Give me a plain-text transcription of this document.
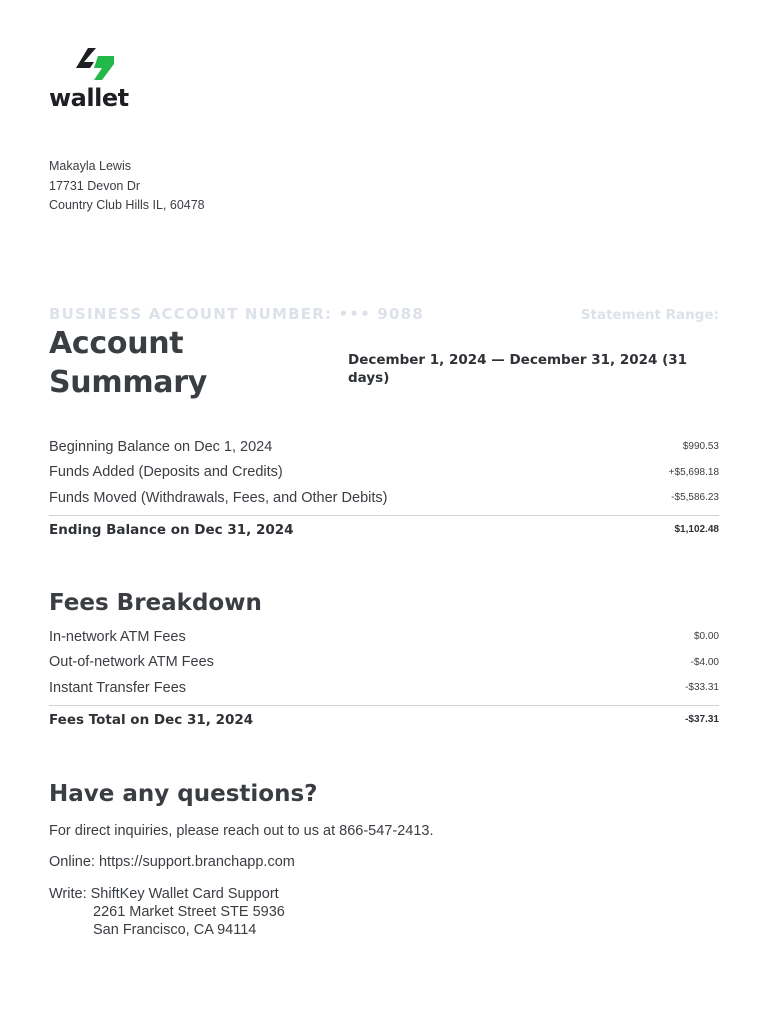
wallet
Makayla Lewis
17731 Devon Dr
Country Club Hills IL, 60478
BUSINESS ACCOUNT NUMBER: ••• 9088	Statement Range:
Account Summary
December 1, 2024 — December 31, 2024 (31 days)
Beginning Balance on Dec 1, 2024	$990.53
Funds Added (Deposits and Credits)	+$5,698.18
Funds Moved (Withdrawals, Fees, and Other Debits)	-$5,586.23
Ending Balance on Dec 31, 2024	$1,102.48
Fees Breakdown
In-network ATM Fees	$0.00
Out-of-network ATM Fees	-$4.00
Instant Transfer Fees	-$33.31
Fees Total on Dec 31, 2024	-$37.31
Have any questions?
For direct inquiries, please reach out to us at 866-547-2413.
Online: https://support.branchapp.com
Write: ShiftKey Wallet Card Support
2261 Market Street STE 5936
San Francisco, CA 94114
